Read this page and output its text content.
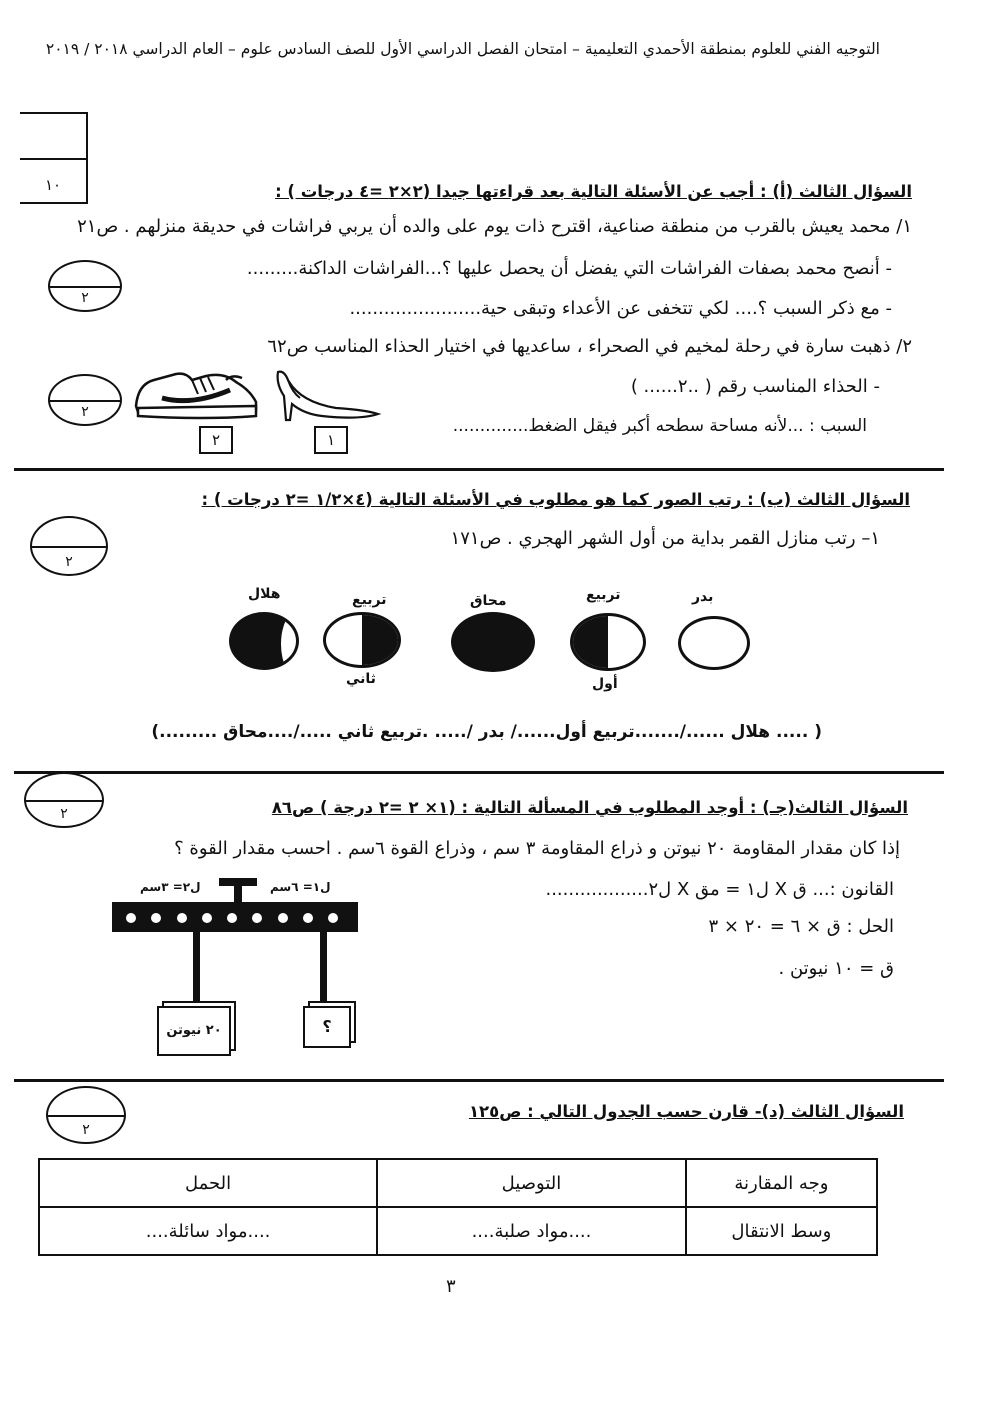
التوجيه الفني للعلوم بمنطقة الأحمدي التعليمية – امتحان الفصل الدراسي الأول للصف السادس علوم – العام الدراسي ٢٠١٨ / ٢٠١٩
١٠	السؤال الثالث (أ) : أجب عن الأسئلة التالية بعد قراءتها جيدا (٢×٢ =٤ درجات ) :
١/ محمد يعيش بالقرب من منطقة صناعية، اقترح ذات يوم على والده أن يربي فراشات في حديقة منزلهم . ص٢١
- أنصح محمد بصفات الفراشات التي يفضل أن يحصل عليها ؟...الفراشات الداكنة.........
- مع ذكر السبب ؟.... لكي تتخفى عن الأعداء وتبقى حية.......................
٢
٢/ ذهبت سارة في رحلة لمخيم في الصحراء ، ساعديها في اختيار الحذاء المناسب ص٦٢
- الحذاء المناسب رقم ( ..٢...... )
السبب : ...لأنه مساحة سطحه أكبر فيقل الضغط..............
٢
٢	١
السؤال الثالث (ب) : رتب الصور كما هو مطلوب في الأسئلة التالية (٤×١/٢ =٢ درجات ) :
٢
١– رتب منازل القمر بداية من أول الشهر الهجري . ص١٧١
بدر
تربيع
محاق
تربيع
هلال
أول
ثاني
( ..... هلال ....../.......تربيع أول....../ بدر /..... .تربيع ثاني ...../....محاق .........)
٢	السؤال الثالث(جـ) : أوجد المطلوب في المسألة التالية : (١× ٢ =٢ درجة ) ص٨٦
إذا كان مقدار المقاومة ٢٠ نيوتن و ذراع المقاومة ٣ سم ، وذراع القوة ٦سم . احسب مقدار القوة ؟
القانون :... ق X ل١ = مق X ل٢..................
الحل : ق × ٦ = ٢٠ × ٣
ق = ١٠ نيوتن .
ل٢= ٣سم	ل١= ٦سم
٢٠ نيوتن	؟
٢
السؤال الثالث (د)- قارن حسب الجدول التالي : ص١٢٥
وجه المقارنة	التوصيل	الحمل
وسط الانتقال	....مواد صلبة....	....مواد سائلة....
٣
